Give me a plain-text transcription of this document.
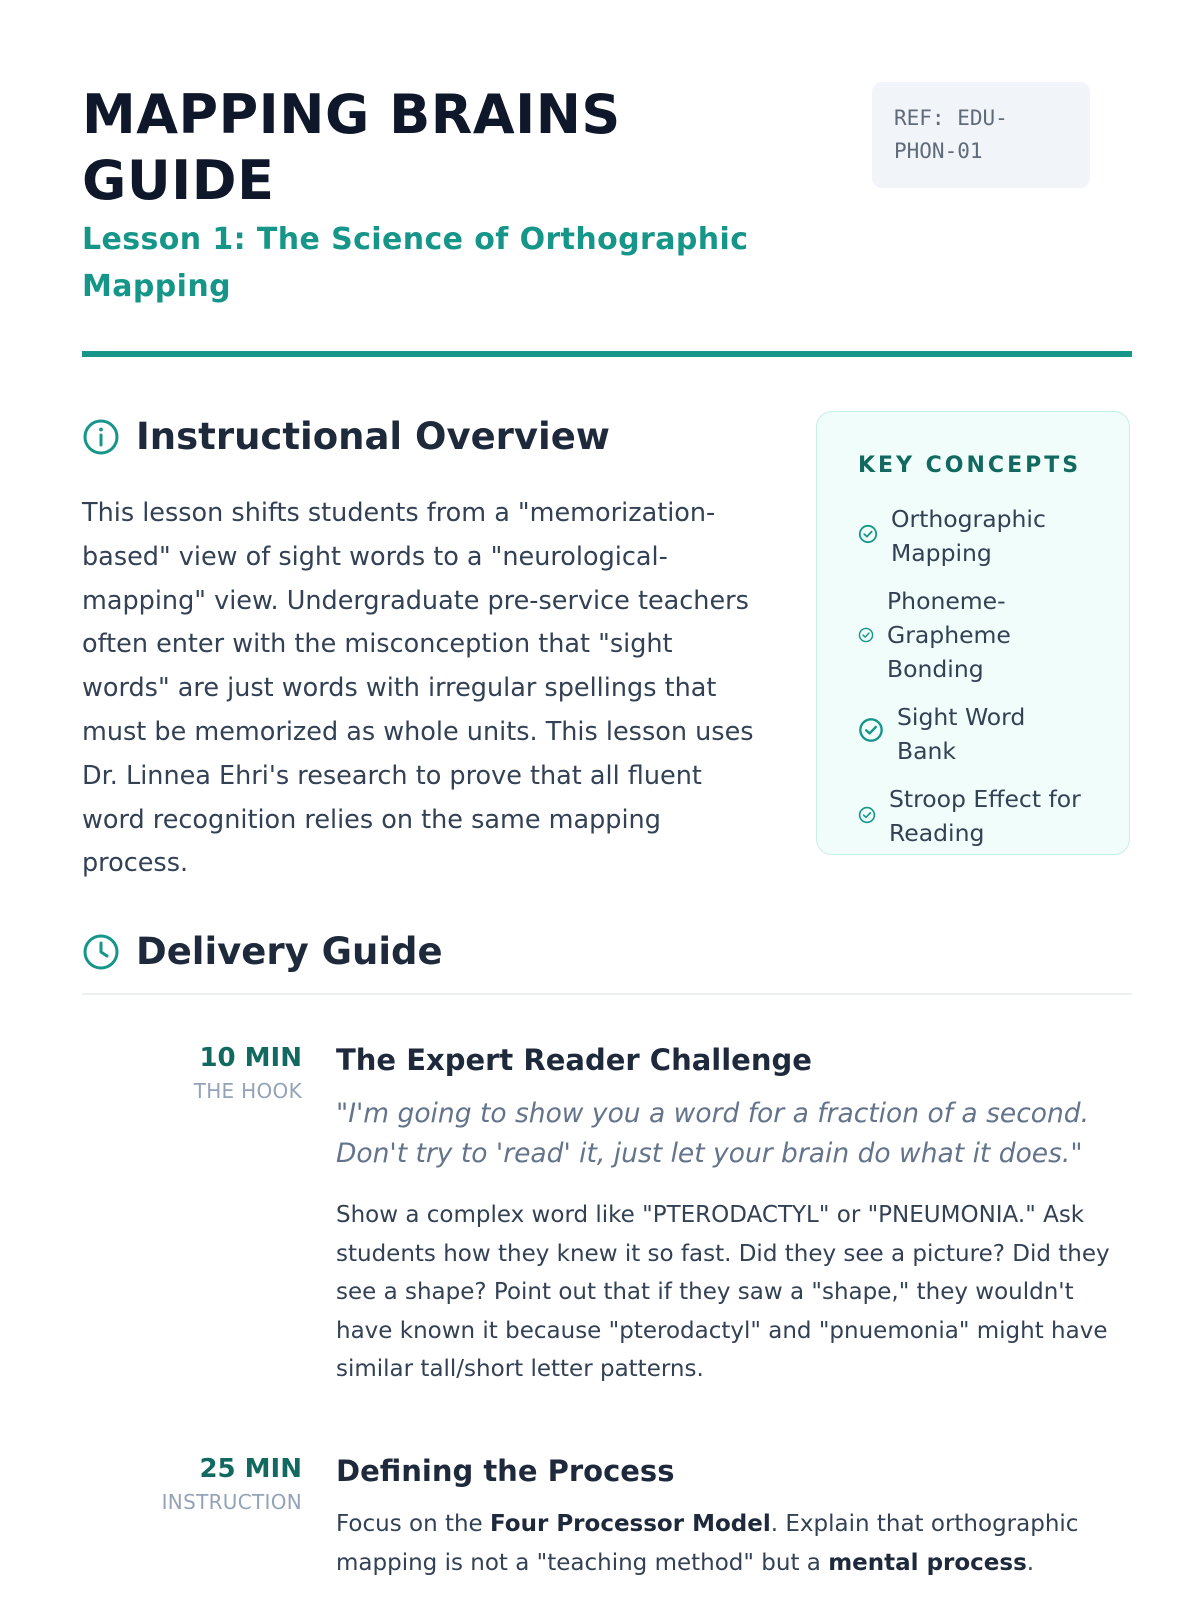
MAPPING BRAINS GUIDE
Lesson 1: The Science of Orthographic Mapping
REF: EDU-PHON-01
Instructional Overview

This lesson shifts students from a "memorization-based" view of sight words to a "neurological-mapping" view. Undergraduate pre-service teachers often enter with the misconception that "sight words" are just words with irregular spellings that must be memorized as whole units. This lesson uses Dr. Linnea Ehri's research to prove that all fluent word recognition relies on the same mapping process.

KEY CONCEPTS
Orthographic Mapping
Phoneme-Grapheme Bonding
Sight Word Bank
Stroop Effect for Reading
Delivery Guide
10 MIN
THE HOOK
The Expert Reader Challenge

"I'm going to show you a word for a fraction of a second. Don't try to 'read' it, just let your brain do what it does."

Show a complex word like "PTERODACTYL" or "PNEUMONIA." Ask students how they knew it so fast. Did they see a picture? Did they see a shape? Point out that if they saw a "shape," they wouldn't have known it because "pterodactyl" and "pnuemonia" might have similar tall/short letter patterns.

25 MIN
INSTRUCTION
Defining the Process

Focus on the Four Processor Model. Explain that orthographic mapping is not a "teaching method" but a mental process.
